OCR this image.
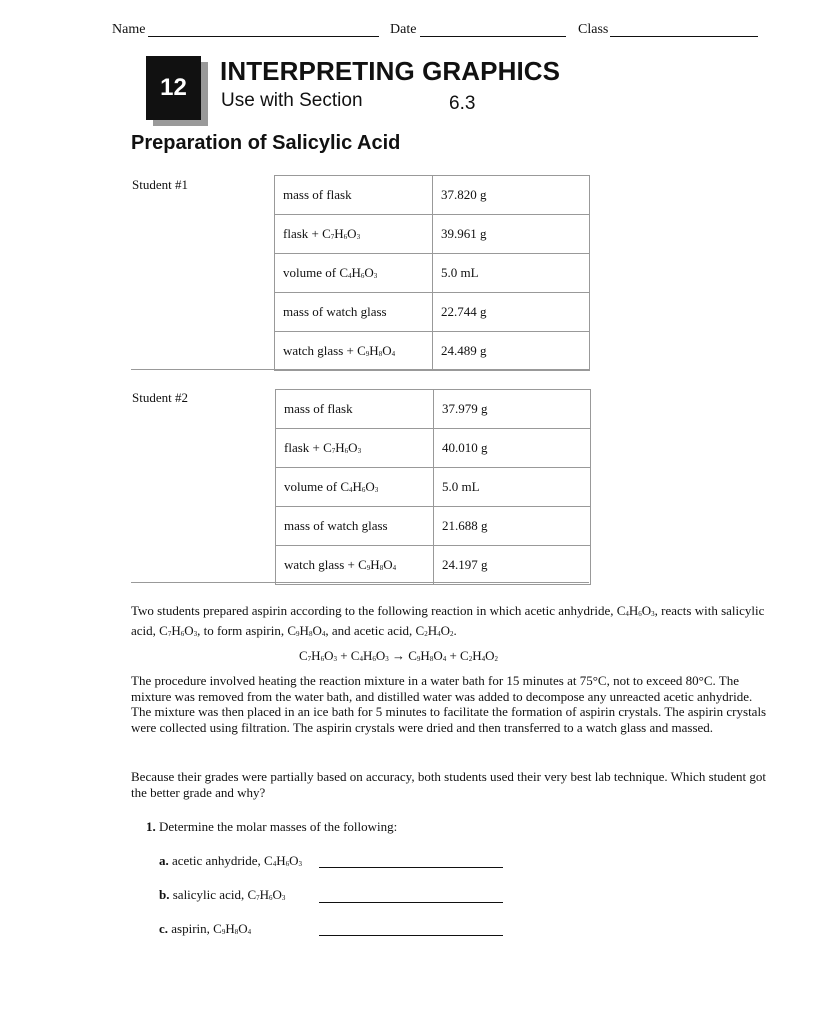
Name	Date	Class
12
INTERPRETING GRAPHICS
Use with Section	6.3
Preparation of Salicylic Acid
Student #1
mass of flask	37.820 g
flask + $C_7H_6O_3$	39.961 g
volume of $C_4H_6O_3$	5.0 mL
mass of watch glass	22.744 g
watch glass + $C_9H_8O_4$	24.489 g
Student #2
mass of flask	37.979 g
flask + $C_7H_6O_3$	40.010 g
volume of $C_4H_6O_3$	5.0 mL
mass of watch glass	21.688 g
watch glass + $C_9H_8O_4$	24.197 g
Two students prepared aspirin according to the following reaction in which acetic anhydride, $C_4H_6O_3$, reacts with salicylic acid, $C_7H_6O_3$, to form aspirin, $C_9H_8O_4$, and acetic acid, $C_2H_4O_2$.
$C_7H_6O_3 + C_4H_6O_3 \to C_9H_8O_4 + C_2H_4O_2$
The procedure involved heating the reaction mixture in a water bath for 15 minutes at 75°C, not to exceed 80°C. The mixture was removed from the water bath, and distilled water was added to decompose any unreacted acetic anhydride. The mixture was then placed in an ice bath for 5 minutes to facilitate the formation of aspirin crystals. The aspirin crystals were collected using filtration. The aspirin crystals were dried and then transferred to a watch glass and massed.
Because their grades were partially based on accuracy, both students used their very best lab technique. Which student got the better grade and why?
1. Determine the molar masses of the following:
a. acetic anhydride, $C_4H_6O_3$
b. salicylic acid, $C_7H_6O_3$
c. aspirin, $C_9H_8O_4$
